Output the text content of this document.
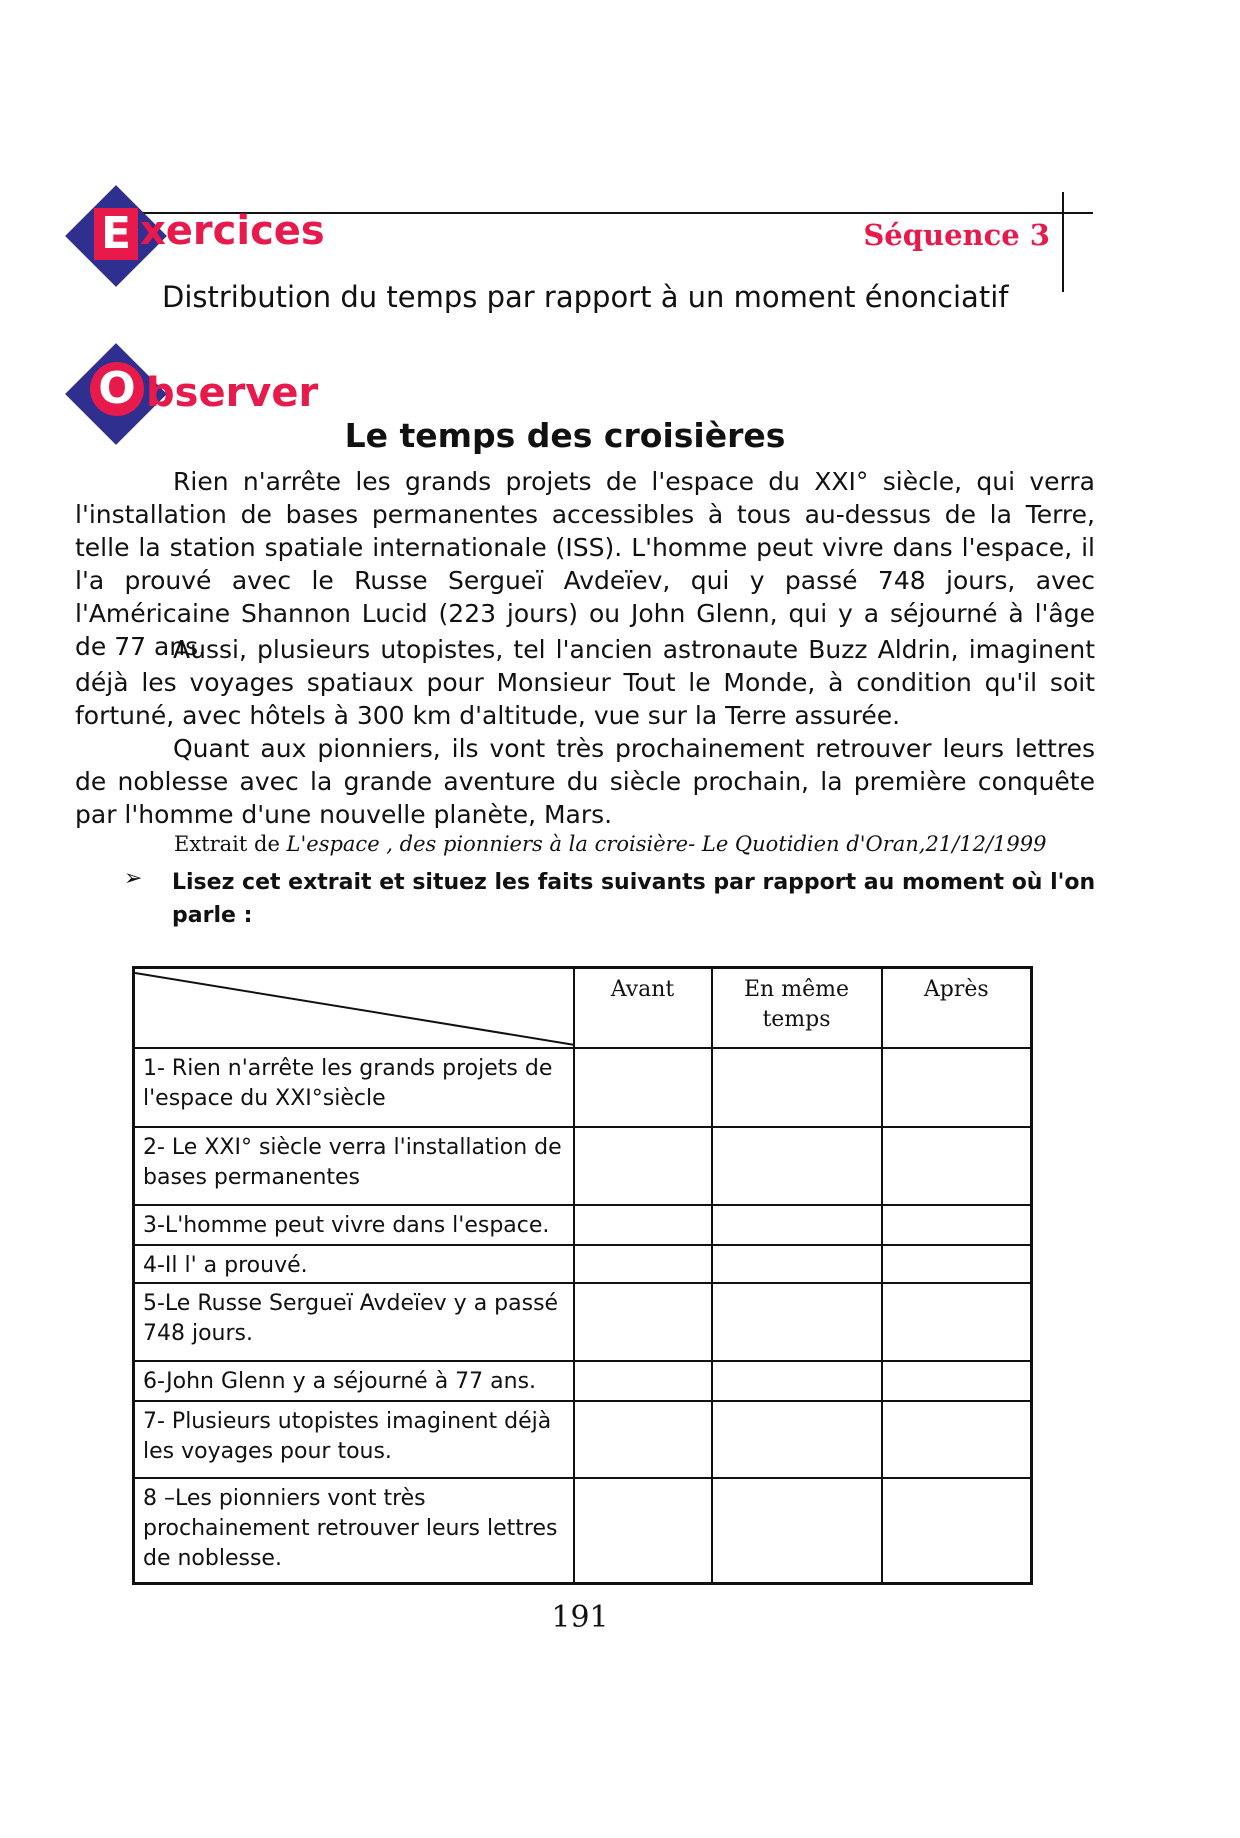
E xercices	Séquence 3
Distribution du temps par rapport à un moment énonciatif
O bserver
Le temps des croisières

Rien n'arrête les grands projets de l'espace du XXI° siècle, qui verra l'installation de bases permanentes accessibles à tous au-dessus de la Terre, telle la station spatiale internationale (ISS). L'homme peut vivre dans l'espace, il l'a prouvé avec le Russe Sergueï Avdeïev, qui y passé 748 jours, avec l'Américaine Shannon Lucid (223 jours) ou John Glenn, qui y a séjourné à l'âge de 77 ans.

Aussi, plusieurs utopistes, tel l'ancien astronaute Buzz Aldrin, imaginent déjà les voyages spatiaux pour Monsieur Tout le Monde, à condition qu'il soit fortuné, avec hôtels à 300 km d'altitude, vue sur la Terre assurée.

Quant aux pionniers, ils vont très prochainement retrouver leurs lettres de noblesse avec la grande aventure du siècle prochain, la première conquête par l'homme d'une nouvelle planète, Mars.

Extrait de L'espace , des pionniers à la croisière- Le Quotidien d'Oran,21/12/1999
➢ Lisez cet extrait et situez les faits suivants par rapport au moment où l'on parle :
	Avant	En même temps	Après
1- Rien n'arrête les grands projets de l'espace du XXI°siècle			
2- Le XXI° siècle verra l'installation de bases permanentes			
3-L'homme peut vivre dans l'espace.			
4-Il l' a prouvé.			
5-Le Russe Sergueï Avdeïev y a passé 748 jours.			
6-John Glenn y a séjourné à 77 ans.			
7- Plusieurs utopistes imaginent déjà les voyages pour tous.			
8 –Les pionniers vont très prochainement retrouver leurs lettres de noblesse.			
191
